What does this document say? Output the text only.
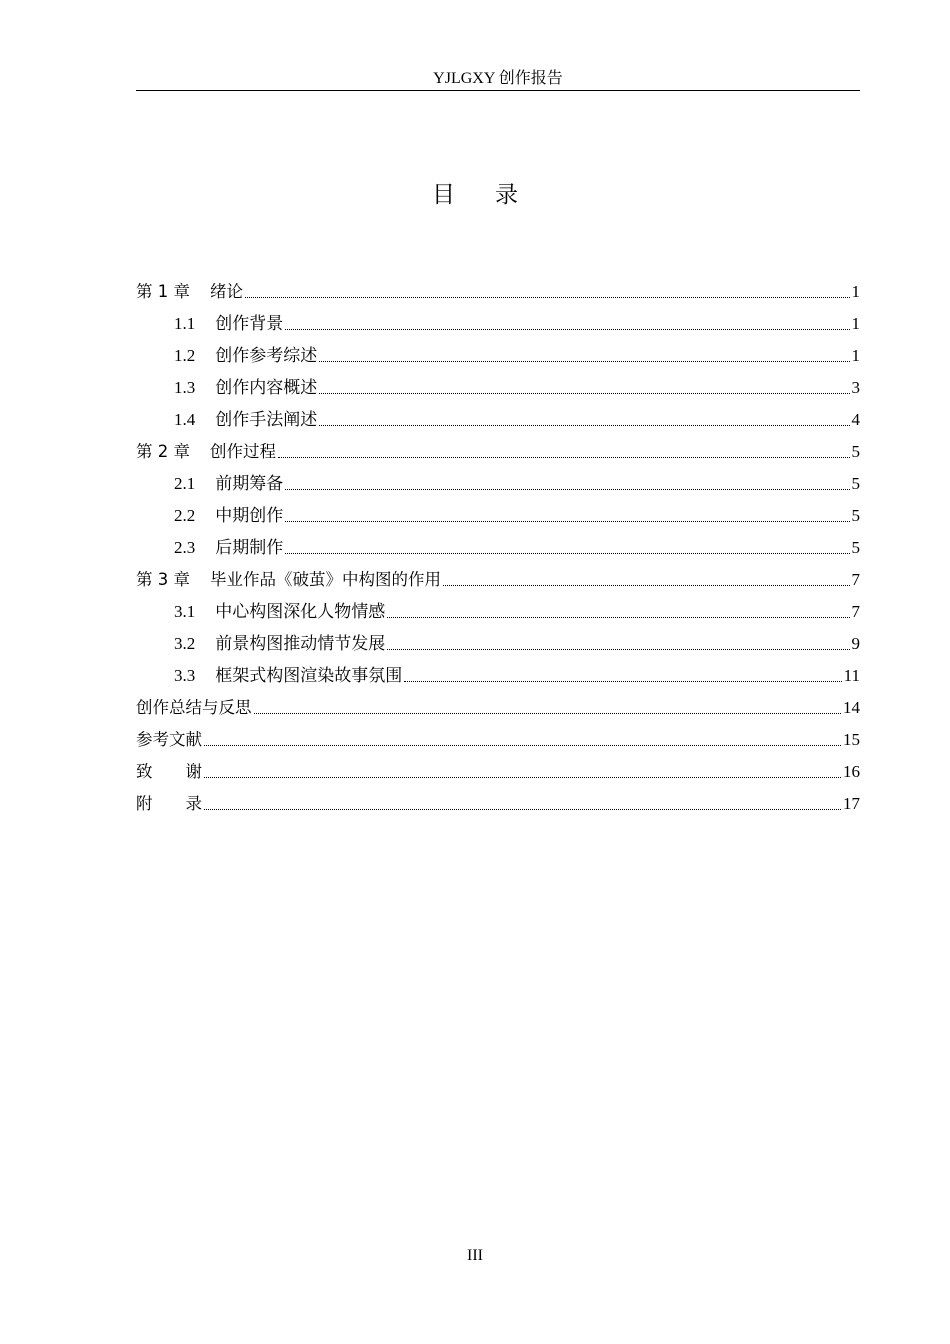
YJLGXY 创作报告
目录
第 1 章 绪论	1
1.1 创作背景	1
1.2 创作参考综述	1
1.3 创作内容概述	3
1.4 创作手法阐述	4
第 2 章 创作过程	5
2.1 前期筹备	5
2.2 中期创作	5
2.3 后期制作	5
第 3 章 毕业作品《破茧》中构图的作用	7
3.1 中心构图深化人物情感	7
3.2 前景构图推动情节发展	9
3.3 框架式构图渲染故事氛围	11
创作总结与反思	14
参考文献	15
致　　谢	16
附　　录	17
III
